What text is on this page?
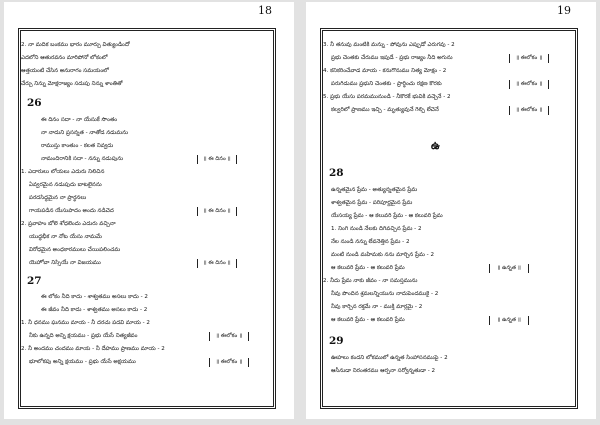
18
2. నా మదిక బంకము భారం మూర్చు విత్యుండిందో
ఎదలోని ఆతురవనం మారిపోనో లోకంలో
ఆత్తయంటి చేసిన అనురాగం సమయంలో
చేర్చు నిన్ను మోక్షరాజ్యం సదుపు నిన్ను శాంతితో
26
ఈ దినం సదా - నా యేసుకే సొంతం
నా నాదుని ప్రసన్నత - నాతోడ నడుమను
రాముస్తు కాంతుం - కలత నివ్వదు
నామందిరానికి సదా - నన్ను నడుపును	॥ ఈ దినం ॥
1. ఎదారులు లోయలు ఎదురు నిలిచిన
ఏవ్వరమైన నడుపుదు బాటలైనను
పరదసిద్ధమైన నా ప్రార్థనలు
గాయపడిన యేసుపాదం అందు నడిచెద	॥ ఈ దినం ॥
2. ప్రవాహం బోలె శోధలెందు ఎదురు వచ్చినా
యుద్ధభీక నా నోట యేసు నామమే
విరోధమైన అంధకారములు చేయిపలించమ
యెహోవా నిస్సియే నా విజయము	॥ ఈ దినం ॥
27
ఈ లోకం నీది కాదు - శాశ్వతము అసలు కాదు - 2
ఈ జీవం నీది కాదు - శాశ్వతము అసలు కాదు - 2
1. నీ ధనము ఘనము మాయ - నీ దరచు పదవి మాయ - 2
నీకు ఉన్నది అన్ని క్షయము - ప్రభు యేసే నిత్యజీవం	॥ ఈలోకం ॥
2. నీ అందము చందము మాయ - నీ దేహము ప్రాణము మాయ - 2
భూలోకపు అన్ని క్షయము - ప్రభు యేసే అక్షయము	॥ ఈలోకం ॥
19
3. నీ తనువు మంటికి మన్ను - పోవును ఎప్పుడో ఎరుగవు - 2
ప్రభు చెంతకు చేరుము ఇపుడే - ప్రభు రాజ్యం నీది అగును	॥ ఈలోకం ॥
4. కనికరించేవాడ మాయ - కనుగొనుము నిత్య మోక్షం - 2
పరుగిడుము ప్రభుని చెంతకు - ప్రార్థించు రక్షణ కొరకు	॥ ఈలోకం ॥
5. ప్రభు యేసు పరమమునుండి - నీకొరకే భువికి వచ్చెనే - 2
కల్వరిలో ప్రాణము ఇచ్చి - మృత్యువునే గెల్చి లేచెనే	॥ ఈలోకం ॥
ఉ
28
ఉన్నతమైన ప్రేమ - అత్యున్నతమైన ప్రేమ
శాశ్వతమైన ప్రేమ - పరిపూర్ణమైన ప్రేమ
యేసయ్య ప్రేమ - ఆ కలువరి ప్రేమ - ఆ కలువరి ప్రేమ
1. నింగి నుండి నేలకు దిగివచ్చిన ప్రేమ - 2
నేల నుండి నన్ను లేవనెత్తిన ప్రేమ - 2
మంటి నుండి మహిమకు నను మార్చిన ప్రేమ - 2
ఆ కలువరి ప్రేమ - ఆ కలువరి ప్రేమ	॥ ఉన్నత ॥
2. నీదు ప్రేమ నాకు జీవం - నా సమస్తమును
నీవు పొందిన శ్రమలన్నియును నాదుపెందముకై - 2
నీవు కార్చిన రక్తమే నా - ముక్తి మార్గమై - 2
ఆ కలువరి ప్రేమ - ఆ కలువరి ప్రేమ	॥ ఉన్నత ॥
29
ఊహలు కందని లోకములో ఉన్నత సింహాసనముపై - 2
ఆసీనుడా నిరంతరము ఆర్పనా సర్వోన్నతుడా - 2
